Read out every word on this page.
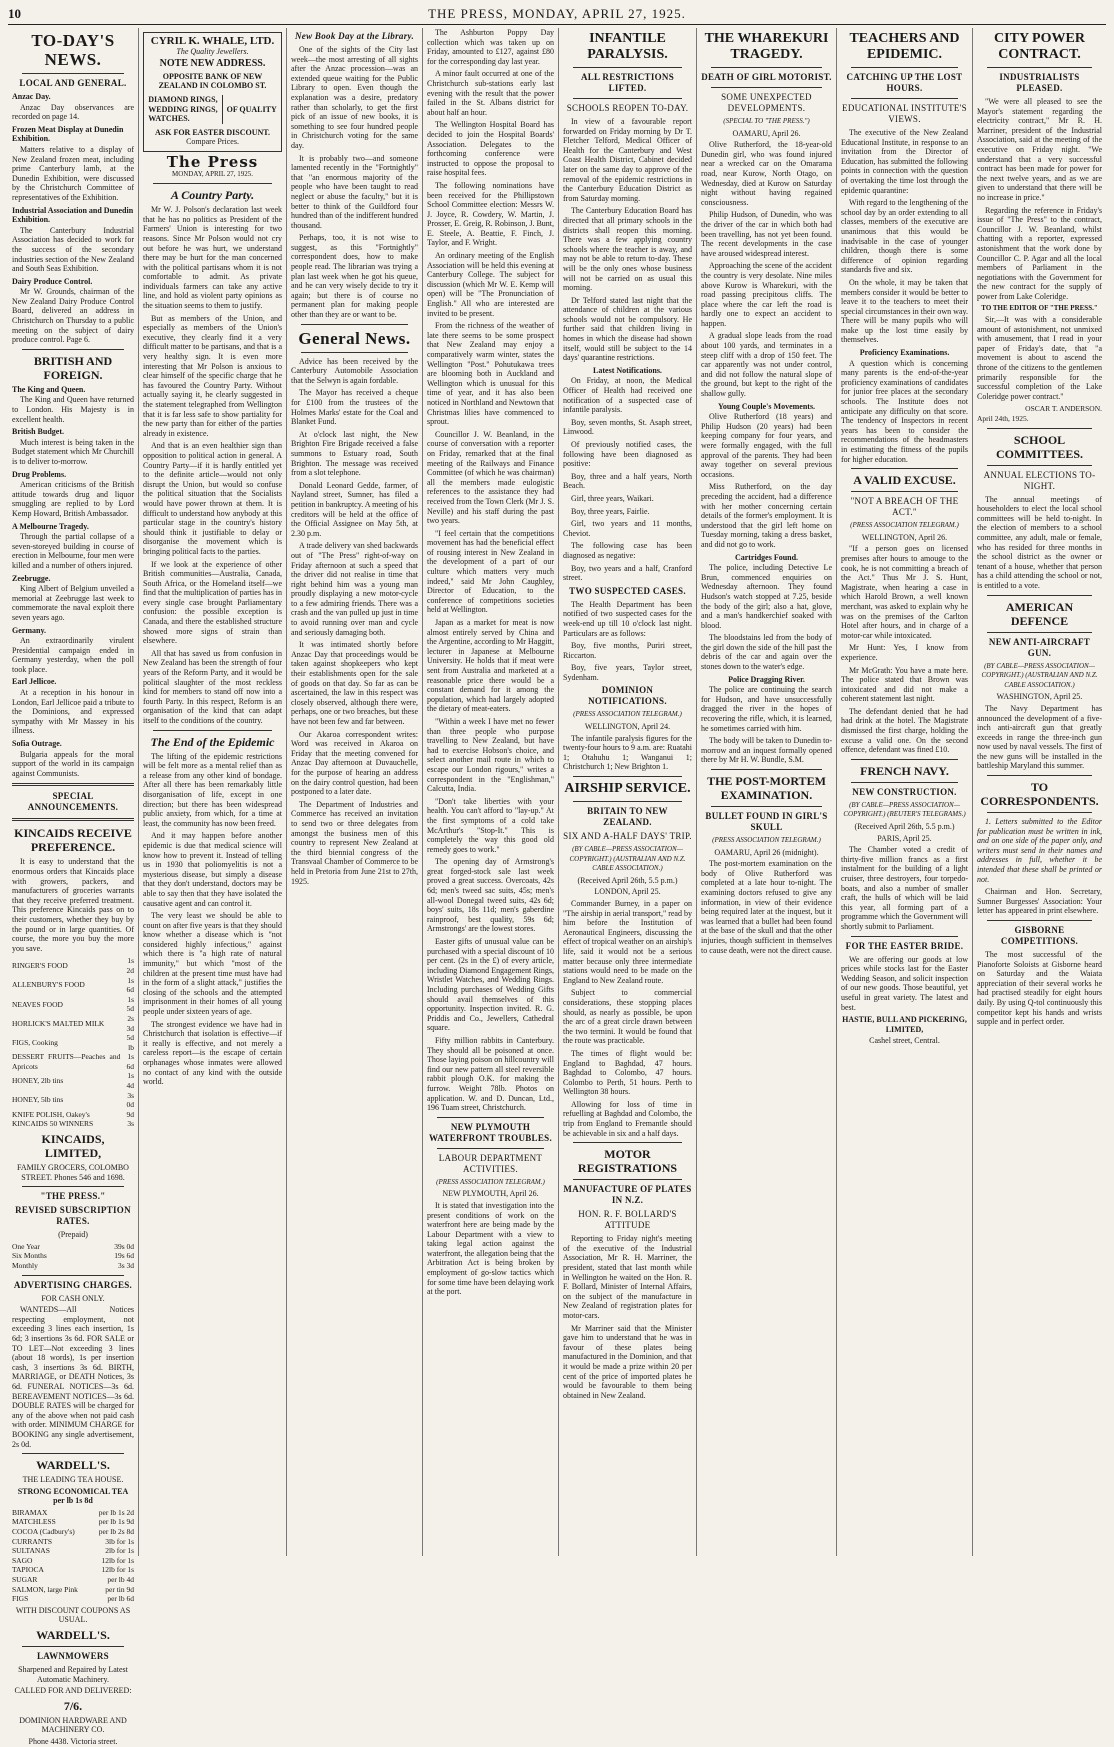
10	THE PRESS, MONDAY, APRIL 27, 1925.
TO-DAY'S NEWS.
LOCAL AND GENERAL.
Anzac Day.

Anzac Day observances are recorded on page 14.

Frozen Meat Display at Dunedin Exhibition.

Matters relative to a display of New Zealand frozen meat, including prime Canterbury lamb, at the Dunedin Exhibition, were discussed by the Christchurch Committee of representatives of the Exhibition.

Industrial Association and Dunedin Exhibition.

The Canterbury Industrial Association has decided to work for the success of the secondary industries section of the New Zealand and South Seas Exhibition.

Dairy Produce Control.

Mr W. Grounds, chairman of the New Zealand Dairy Produce Control Board, delivered an address in Christchurch on Thursday to a public meeting on the subject of dairy produce control. Page 6.

BRITISH AND FOREIGN.
The King and Queen.

The King and Queen have returned to London. His Majesty is in excellent health.

British Budget.

Much interest is being taken in the Budget statement which Mr Churchill is to deliver to-morrow.

Drug Problems.

American criticisms of the British attitude towards drug and liquor smuggling are replied to by Lord Kemp Howard, British Ambassador.

A Melbourne Tragedy.

Through the partial collapse of a seven-storeyed building in course of erection in Melbourne, four men were killed and a number of others injured.

Zeebrugge.

King Albert of Belgium unveiled a memorial at Zeebrugge last week to commemorate the naval exploit there seven years ago.

Germany.

An extraordinarily virulent Presidential campaign ended in Germany yesterday, when the poll took place.

Earl Jellicoe.

At a reception in his honour in London, Earl Jellicoe paid a tribute to the Dominions, and expressed sympathy with Mr Massey in his illness.

Sofia Outrage.

Bulgaria appeals for the moral support of the world in its campaign against Communists.

SPECIAL ANNOUNCEMENTS.
KINCAIDS RECEIVE PREFERENCE.

It is easy to understand that the enormous orders that Kincaids place with growers, packers, and manufacturers of groceries warrants that they receive preferred treatment. This preference Kincaids pass on to their customers, whether they buy by the pound or in large quantities. Of course, the more you buy the more you save.

RINGER'S FOOD	1s 2d
ALLENBURY'S FOOD	1s 6d
NEAVES FOOD	1s 5d
HORLICK'S MALTED MILK	2s 3d
FIGS, Cooking	5d lb
DESSERT FRUITS—Peaches and Apricots	1s 6d
HONEY, 2lb tins	1s 4d
HONEY, 5lb tins	3s 0d
KNIFE POLISH, Oakey's	9d
KINCAIDS 50 WINNERS	3s
KINCAIDS, LIMITED,
FAMILY GROCERS, COLOMBO STREET. Phones 546 and 1698.
"THE PRESS."
REVISED SUBSCRIPTION RATES.
(Prepaid)
One Year	39s 0d
Six Months	19s 6d
Monthly	3s 3d
ADVERTISING CHARGES.
FOR CASH ONLY.

WANTEDS—All Notices respecting employment, not exceeding 3 lines each insertion, 1s 6d; 3 insertions 3s 6d. FOR SALE or TO LET—Not exceeding 3 lines (about 18 words), 1s per insertion cash, 3 insertions 3s 6d. BIRTH, MARRIAGE, or DEATH Notices, 3s 6d. FUNERAL NOTICES—3s 6d. BEREAVEMENT NOTICES—3s 6d. DOUBLE RATES will be charged for any of the above when not paid cash with order. MINIMUM CHARGE for BOOKING any single advertisement, 2s 0d.

WARDELL'S.
THE LEADING TEA HOUSE.
STRONG ECONOMICAL TEA per lb 1s 8d
BIRAMAX	per lb 1s 2d
MATCHLESS	per lb 1s 9d
COCOA (Cadbury's)	per lb 2s 8d
CURRANTS	3lb for 1s
SULTANAS	2lb for 1s
SAGO	12lb for 1s
TAPIOCA	12lb for 1s
SUGAR	per lb 4d
SALMON, large Pink	per tin 9d
FIGS	per lb 6d
WITH DISCOUNT COUPONS AS USUAL.
WARDELL'S.
LAWNMOWERS
Sharpened and Repaired by Latest Automatic Machinery.
CALLED FOR AND DELIVERED:
7/6.
DOMINION HARDWARE AND MACHINERY CO.
Phone 4438. Victoria street.
CYRIL K. WHALE, LTD.
The Quality Jewellers.
NOTE NEW ADDRESS.
OPPOSITE BANK OF NEW
ZEALAND IN COLOMBO ST.
DIAMOND RINGS,
WEDDING RINGS,
WATCHES.
OF QUALITY
ASK FOR EASTER DISCOUNT.
Compare Prices.
The Press
MONDAY, APRIL 27, 1925.
A Country Party.

Mr W. J. Polson's declaration last week that he has no politics as President of the Farmers' Union is interesting for two reasons. Since Mr Polson would not cry out before he was hurt, we understand there may be hurt for the man concerned with the political partisans whom it is not comfortable to admit. As private individuals farmers can take any active line, and hold as violent party opinions as the situation seems to them to justify.

But as members of the Union, and especially as members of the Union's executive, they clearly find it a very difficult matter to be partisans, and that is a very healthy sign. It is even more interesting that Mr Polson is anxious to clear himself of the specific charge that he has favoured the Country Party. Without actually saying it, he clearly suggested in the statement telegraphed from Wellington that it is far less safe to show partiality for the new party than for either of the parties already in existence.

And that is an even healthier sign than opposition to political action in general. A Country Party—if it is hardly entitled yet to the definite article—would not only disrupt the Union, but would so confuse the political situation that the Socialists would have power thrown at them. It is difficult to understand how anybody at this particular stage in the country's history should think it justifiable to delay or disorganise the movement which is bringing political facts to the parties.

If we look at the experience of other British communities—Australia, Canada, South Africa, or the Homeland itself—we find that the multiplication of parties has in every single case brought Parliamentary confusion: the possible exception is Canada, and there the established structure showed more signs of strain than elsewhere.

All that has saved us from confusion in New Zealand has been the strength of four years of the Reform Party, and it would be political slaughter of the most reckless kind for members to stand off now into a fourth Party. In this respect, Reform is an organisation of the kind that can adapt itself to the conditions of the country.

The End of the Epidemic

The lifting of the epidemic restrictions will be felt more as a mental relief than as a release from any other kind of bondage. After all there has been remarkably little disorganisation of life, except in one direction; but there has been widespread public anxiety, from which, for a time at least, the community has now been freed.

And it may happen before another epidemic is due that medical science will know how to prevent it. Instead of telling us in 1930 that poliomyelitis is not a mysterious disease, but simply a disease that they don't understand, doctors may be able to say then that they have isolated the causative agent and can control it.

The very least we should be able to count on after five years is that they should know whether a disease which is "not considered highly infectious," against which there is "a high rate of natural immunity," but which "most of the children at the present time must have had in the form of a slight attack," justifies the closing of the schools and the attempted imprisonment in their homes of all young people under sixteen years of age.

The strongest evidence we have had in Christchurch that isolation is effective—if it really is effective, and not merely a careless report—is the escape of certain orphanages whose inmates were allowed no contact of any kind with the outside world.

New Book Day at the Library.

One of the sights of the City last week—the most arresting of all sights after the Anzac procession—was an extended queue waiting for the Public Library to open. Even though the explanation was a desire, predatory rather than scholarly, to get the first pick of an issue of new books, it is something to see four hundred people in Christchurch voting for the same day.

It is probably two—and someone lamented recently in the "Fortnightly" that "an enormous majority of the people who have been taught to read neglect or abuse the faculty," but it is better to think of the Guildford four hundred than of the indifferent hundred thousand.

Perhaps, too, it is not wise to suggest, as this "Fortnightly" correspondent does, how to make people read. The librarian was trying a plan last week when he got his queue, and he can very wisely decide to try it again; but there is of course no permanent plan for making people other than they are or want to be.

General News.

Advice has been received by the Canterbury Automobile Association that the Selwyn is again fordable.

The Mayor has received a cheque for £100 from the trustees of the Holmes Marks' estate for the Coal and Blanket Fund.

At o'clock last night, the New Brighton Fire Brigade received a false summons to Estuary road, South Brighton. The message was received from a slot telephone.

Donald Leonard Gedde, farmer, of Nayland street, Sumner, has filed a petition in bankruptcy. A meeting of his creditors will be held at the office of the Official Assignee on May 5th, at 2.30 p.m.

A trade delivery van shed backwards out of "The Press" right-of-way on Friday afternoon at such a speed that the driver did not realise in time that right behind him was a young man proudly displaying a new motor-cycle to a few admiring friends. There was a crash and the van pulled up just in time to avoid running over man and cycle and seriously damaging both.

It was intimated shortly before Anzac Day that proceedings would be taken against shopkeepers who kept their establishments open for the sale of goods on that day. So far as can be ascertained, the law in this respect was closely observed, although there were, perhaps, one or two breaches, but these have not been few and far between.

Our Akaroa correspondent writes: Word was received in Akaroa on Friday that the meeting convened for Anzac Day afternoon at Duvauchelle, for the purpose of hearing an address on the dairy control question, had been postponed to a later date.

The Department of Industries and Commerce has received an invitation to send two or three delegates from amongst the business men of this country to represent New Zealand at the third biennial congress of the Transvaal Chamber of Commerce to be held in Pretoria from June 21st to 27th, 1925.

The Ashburton Poppy Day collection which was taken up on Friday, amounted to £127, against £80 for the corresponding day last year.

A minor fault occurred at one of the Christchurch sub-stations early last evening with the result that the power failed in the St. Albans district for about half an hour.

The Wellington Hospital Board has decided to join the Hospital Boards' Association. Delegates to the forthcoming conference were instructed to oppose the proposal to raise hospital fees.

The following nominations have been received for the Phillipstown School Committee election: Messrs W. J. Joyce, R. Cowdery, W. Martin, J. Prosser, E. Greig, R. Robinson, J. Bunt, E. Steele, A. Beattie, F. Finch, J. Taylor, and F. Wright.

An ordinary meeting of the English Association will be held this evening at Canterbury College. The subject for discussion (which Mr W. E. Kemp will open) will be "The Pronunciation of English." All who are interested are invited to be present.

From the richness of the weather of late there seems to be some prospect that New Zealand may enjoy a comparatively warm winter, states the Wellington "Post." Pohutukawa trees are blooming both in Auckland and Wellington which is unusual for this time of year, and it has also been noticed in Northland and Newtown that Christmas lilies have commenced to sprout.

Councillor J. W. Beanland, in the course of conversation with a reporter on Friday, remarked that at the final meeting of the Railways and Finance Committee (of which he was chairman) all the members made eulogistic references to the assistance they had received from the Town Clerk (Mr J. S. Neville) and his staff during the past two years.

"I feel certain that the competitions movement has had the beneficial effect of rousing interest in New Zealand in the development of a part of our culture which matters very much indeed," said Mr John Caughley, Director of Education, to the conference of competitions societies held at Wellington.

Japan as a market for meat is now almost entirely served by China and the Argentine, according to Mr Haggitt, lecturer in Japanese at Melbourne University. He holds that if meat were sent from Australia and marketed at a reasonable price there would be a constant demand for it among the population, which had largely adopted the dietary of meat-eaters.

"Within a week I have met no fewer than three people who purpose travelling to New Zealand, but have had to exercise Hobson's choice, and select another mail route in which to escape our London rigours," writes a correspondent in the "Englishman," Calcutta, India.

"Don't take liberties with your health. You can't afford to "lay-up." At the first symptoms of a cold take McArthur's "Stop-It." This is completely the way this good old remedy goes to work."

The opening day of Armstrong's great forged-stock sale last week proved a great success. Overcoats, 42s 6d; men's tweed sac suits, 45s; men's all-wool Donegal tweed suits, 42s 6d; boys' suits, 18s 11d; men's gaberdine rainproof, best quality, 59s 6d; Armstrongs' are the lowest stores.

Easter gifts of unusual value can be purchased with a special discount of 10 per cent. (2s in the £) of every article, including Diamond Engagement Rings, Wristlet Watches, and Wedding Rings. Including purchases of Wedding Gifts should avail themselves of this opportunity. Inspection invited. R. G. Priddis and Co., Jewellers, Cathedral square.

Fifty million rabbits in Canterbury. They should all be poisoned at once. Those laying poison on hillcountry will find our new pattern all steel reversible rabbit plough O.K. for making the furrow. Weight 78lb. Photos on application. W. and D. Duncan, Ltd., 196 Tuam street, Christchurch.

NEW PLYMOUTH WATERFRONT TROUBLES.
LABOUR DEPARTMENT ACTIVITIES.
(PRESS ASSOCIATION TELEGRAM.)
NEW PLYMOUTH, April 26.

It is stated that investigation into the present conditions of work on the waterfront here are being made by the Labour Department with a view to taking legal action against the waterfront, the allegation being that the Arbitration Act is being broken by employment of go-slow tactics which for some time have been delaying work at the port.

INFANTILE PARALYSIS.
ALL RESTRICTIONS LIFTED.
SCHOOLS REOPEN TO-DAY.

In view of a favourable report forwarded on Friday morning by Dr T. Fletcher Telford, Medical Officer of Health for the Canterbury and West Coast Health District, Cabinet decided later on the same day to approve of the removal of the epidemic restrictions in the Canterbury Education District as from Saturday morning.

The Canterbury Education Board has directed that all primary schools in the districts shall reopen this morning. There was a few applying country schools where the teacher is away, and may not be able to return to-day. These will be the only ones whose business will not be carried on as usual this morning.

Dr Telford stated last night that the attendance of children at the various schools would not be compulsory. He further said that children living in homes in which the disease had shown itself, would still be subject to the 14 days' quarantine restrictions.

Latest Notifications.

On Friday, at noon, the Medical Officer of Health had received one notification of a suspected case of infantile paralysis.

Boy, seven months, St. Asaph street, Linwood.

Of previously notified cases, the following have been diagnosed as positive:

Boy, three and a half years, North Beach.

Girl, three years, Waikari.

Boy, three years, Fairlie.

Girl, two years and 11 months, Cheviot.

The following case has been diagnosed as negative:

Boy, two years and a half, Cranford street.

TWO SUSPECTED CASES.

The Health Department has been notified of two suspected cases for the week-end up till 10 o'clock last night. Particulars are as follows:

Boy, five months, Puriri street, Riccarton.

Boy, five years, Taylor street, Sydenham.

DOMINION NOTIFICATIONS.
(PRESS ASSOCIATION TELEGRAM.)
WELLINGTON, April 24.

The infantile paralysis figures for the twenty-four hours to 9 a.m. are: Ruatahi 1; Otahuhu 1; Wanganui 1; Christchurch 1; New Brighton 1.

AIRSHIP SERVICE.
BRITAIN TO NEW ZEALAND.
SIX AND A-HALF DAYS' TRIP.
(BY CABLE—PRESS ASSOCIATION—COPYRIGHT.) (AUSTRALIAN AND N.Z. CABLE ASSOCIATION.)
(Received April 26th, 5.5 p.m.)
LONDON, April 25.

Commander Burney, in a paper on "The airship in aerial transport," read by him before the Institution of Aeronautical Engineers, discussing the effect of tropical weather on an airship's life, said it would not be a serious matter because only three intermediate stations would need to be made on the England to New Zealand route.

Subject to commercial considerations, these stopping places should, as nearly as possible, be upon the arc of a great circle drawn between the two termini. It would be found that the route was practicable.

The times of flight would be: England to Baghdad, 47 hours. Baghdad to Colombo, 47 hours. Colombo to Perth, 51 hours. Perth to Wellington 38 hours.

Allowing for loss of time in refuelling at Baghdad and Colombo, the trip from England to Fremantle should be achievable in six and a half days.

MOTOR REGISTRATIONS
MANUFACTURE OF PLATES IN N.Z.
HON. R. F. BOLLARD'S ATTITUDE

Reporting to Friday night's meeting of the executive of the Industrial Association, Mr R. H. Marriner, the president, stated that last month while in Wellington he waited on the Hon. R. F. Bollard, Minister of Internal Affairs, on the subject of the manufacture in New Zealand of registration plates for motor-cars.

Mr Marriner said that the Minister gave him to understand that he was in favour of these plates being manufactured in the Dominion, and that it would be made a prize within 20 per cent of the price of imported plates he would be favourable to them being obtained in New Zealand.

THE WHAREKURI TRAGEDY.
DEATH OF GIRL MOTORIST.
SOME UNEXPECTED DEVELOPMENTS.
(SPECIAL TO "THE PRESS.")
OAMARU, April 26.

Olive Rutherford, the 18-year-old Dunedin girl, who was found injured near a wrecked car on the Omarama road, near Kurow, North Otago, on Wednesday, died at Kurow on Saturday night without having regained consciousness.

Philip Hudson, of Dunedin, who was the driver of the car in which both had been travelling, has not yet been found. The recent developments in the case have aroused widespread interest.

Approaching the scene of the accident the country is very desolate. Nine miles above Kurow is Wharekuri, with the road passing precipitous cliffs. The place where the car left the road is hardly one to expect an accident to happen.

A gradual slope leads from the road about 100 yards, and terminates in a steep cliff with a drop of 150 feet. The car apparently was not under control, and did not follow the natural slope of the ground, but kept to the right of the shallow gully.

Young Couple's Movements.

Olive Rutherford (18 years) and Philip Hudson (20 years) had been keeping company for four years, and were formally engaged, with the full approval of the parents. They had been away together on several previous occasions.

Miss Rutherford, on the day preceding the accident, had a difference with her mother concerning certain details of the former's employment. It is understood that the girl left home on Tuesday morning, taking a dress basket, and did not go to work.

Cartridges Found.

The police, including Detective Le Brun, commenced enquiries on Wednesday afternoon. They found Hudson's watch stopped at 7.25, beside the body of the girl; also a hat, glove, and a man's handkerchief soaked with blood.

The bloodstains led from the body of the girl down the side of the hill past the debris of the car and again over the stones down to the water's edge.

Police Dragging River.

The police are continuing the search for Hudson, and have unsuccessfully dragged the river in the hopes of recovering the rifle, which, it is learned, he sometimes carried with him.

The body will be taken to Dunedin to-morrow and an inquest formally opened there by Mr H. W. Bundle, S.M.

THE POST-MORTEM EXAMINATION.
BULLET FOUND IN GIRL'S SKULL
(PRESS ASSOCIATION TELEGRAM.)
OAMARU, April 26 (midnight).

The post-mortem examination on the body of Olive Rutherford was completed at a late hour to-night. The examining doctors refused to give any information, in view of their evidence being required later at the inquest, but it was learned that a bullet had been found at the base of the skull and that the other injuries, though sufficient in themselves to cause death, were not the direct cause.

TEACHERS AND EPIDEMIC.
CATCHING UP THE LOST HOURS.
EDUCATIONAL INSTITUTE'S VIEWS.

The executive of the New Zealand Educational Institute, in response to an invitation from the Director of Education, has submitted the following points in connection with the question of overtaking the time lost through the epidemic quarantine:

With regard to the lengthening of the school day by an order extending to all classes, members of the executive are unanimous that this would be inadvisable in the case of younger children, though there is some difference of opinion regarding standards five and six.

On the whole, it may be taken that members consider it would be better to leave it to the teachers to meet their special circumstances in their own way. There will be many pupils who will make up the lost time easily by themselves.

Proficiency Examinations.

A question which is concerning many parents is the end-of-the-year proficiency examinations of candidates for junior free places at the secondary schools. The Institute does not anticipate any difficulty on that score. The tendency of Inspectors in recent years has been to consider the recommendations of the headmasters in estimating the fitness of the pupils for higher education.

A VALID EXCUSE.
"NOT A BREACH OF THE ACT."
(PRESS ASSOCIATION TELEGRAM.)
WELLINGTON, April 26.

"If a person goes on licensed premises after hours to amouge to the cook, he is not committing a breach of the Act." Thus Mr J. S. Hunt, Magistrate, when hearing a case in which Harold Brown, a well known merchant, was asked to explain why he was on the premises of the Carlton Hotel after hours, and in charge of a motor-car while intoxicated.

Mr Hunt: Yes, I know from experience.

Mr McGrath: You have a mate here. The police stated that Brown was intoxicated and did not make a coherent statement last night.

The defendant denied that he had had drink at the hotel. The Magistrate dismissed the first charge, holding the excuse a valid one. On the second offence, defendant was fined £10.

FRENCH NAVY.
NEW CONSTRUCTION.
(BY CABLE—PRESS ASSOCIATION—COPYRIGHT.) (REUTER'S TELEGRAMS.)
(Received April 26th, 5.5 p.m.)
PARIS, April 25.

The Chamber voted a credit of thirty-five million francs as a first instalment for the building of a light cruiser, three destroyers, four torpedo-boats, and also a number of smaller craft, the hulls of which will be laid this year, all forming part of a programme which the Government will shortly submit to Parliament.

FOR THE EASTER BRIDE.

We are offering our goods at low prices while stocks last for the Easter Wedding Season, and solicit inspection of our new goods. Those beautiful, yet useful in great variety. The latest and best.

HASTIE, BULL AND PICKERING, LIMITED,
Cashel street, Central.
CITY POWER CONTRACT.
INDUSTRIALISTS PLEASED.

"We were all pleased to see the Mayor's statement regarding the electricity contract," Mr R. H. Marriner, president of the Industrial Association, said at the meeting of the executive on Friday night. "We understand that a very successful contract has been made for power for the next twelve years, and as we are given to understand that there will be no increase in price."

Regarding the reference in Friday's issue of "The Press" to the contract, Councillor J. W. Beanland, whilst chatting with a reporter, expressed astonishment that the work done by Councillor C. P. Agar and all the local members of Parliament in the negotiations with the Government for the new contract for the supply of power from Lake Coleridge.

TO THE EDITOR OF "THE PRESS."

Sir,—It was with a considerable amount of astonishment, not unmixed with amusement, that I read in your paper of Friday's date, that "a movement is about to ascend the throne of the citizens to the gentlemen primarily responsible for the successful completion of the Lake Coleridge power contract."

OSCAR T. ANDERSON.
April 24th, 1925.
SCHOOL COMMITTEES.
ANNUAL ELECTIONS TO-NIGHT.

The annual meetings of householders to elect the local school committees will be held to-night. In the election of members to a school committee, any adult, male or female, who has resided for three months in the school district as the owner or tenant of a house, whether that person has a child attending the school or not, is entitled to a vote.

AMERICAN DEFENCE
NEW ANTI-AIRCRAFT GUN.
(BY CABLE—PRESS ASSOCIATION—COPYRIGHT.) (AUSTRALIAN AND N.Z. CABLE ASSOCIATION.)
WASHINGTON, April 25.

The Navy Department has announced the development of a five-inch anti-aircraft gun that greatly exceeds in range the three-inch gun now used by naval vessels. The first of the new guns will be installed in the battleship Maryland this summer.

TO CORRESPONDENTS.

1. Letters submitted to the Editor for publication must be written in ink, and on one side of the paper only, and writers must send in their names and addresses in full, whether it be intended that these shall be printed or not.

Chairman and Hon. Secretary, Sumner Burgesses' Association: Your letter has appeared in print elsewhere.

GISBORNE COMPETITIONS.

The most successful of the Pianoforte Soloists at Gisborne heard on Saturday and the Waiata appreciation of their several works he had practised steadily for eight hours daily. By using Q-tol continuously this competitor kept his hands and wrists supple and in perfect order.
